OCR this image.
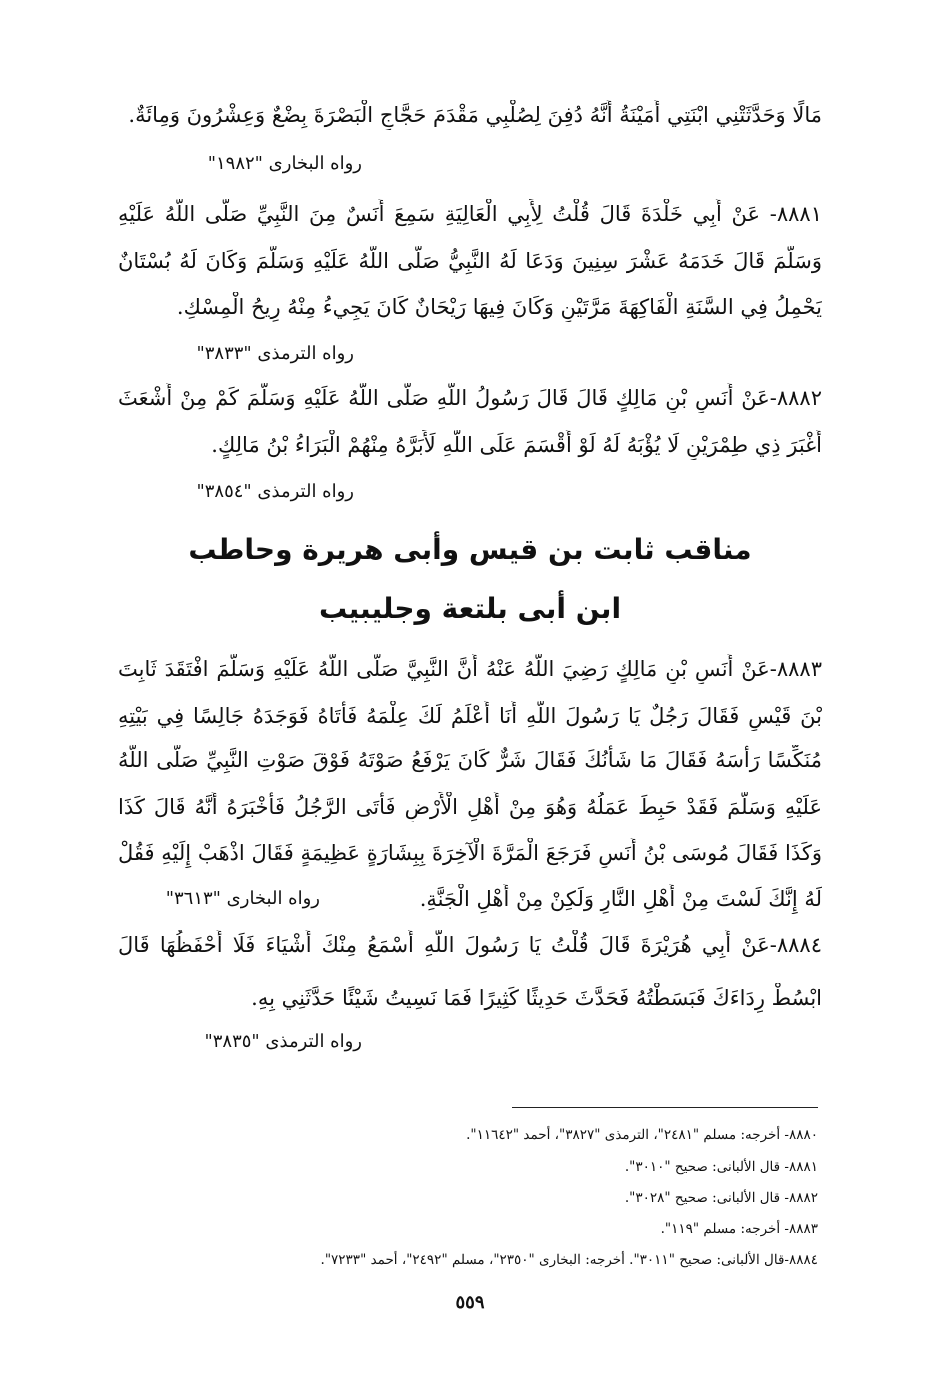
مَالًا وَحَدَّثَتْنِي ابْنَتِي أُمَيْنَةُ أَنَّهُ دُفِنَ لِصُلْبِي مَقْدَمَ حَجَّاجٍ الْبَصْرَةَ بِضْعٌ وَعِشْرُونَ وَمِائَةٌ.
رواه البخارى "١٩٨٢"
٨٨٨١- عَنْ أَبِي خَلْدَةَ قَالَ قُلْتُ لِأَبِي الْعَالِيَةِ سَمِعَ أَنَسٌ مِنَ النَّبِيِّ صَلَّى اللَّهُ عَلَيْهِ
وَسَلَّمَ قَالَ خَدَمَهُ عَشْرَ سِنِينَ وَدَعَا لَهُ النَّبِيُّ صَلَّى اللَّهُ عَلَيْهِ وَسَلَّمَ وَكَانَ لَهُ بُسْتَانٌ
يَحْمِلُ فِي السَّنَةِ الْفَاكِهَةَ مَرَّتَيْنِ وَكَانَ فِيهَا رَيْحَانٌ كَانَ يَجِيءُ مِنْهُ رِيحُ الْمِسْكِ.
رواه الترمذى "٣٨٣٣"
٨٨٨٢-عَنْ أَنَسِ بْنِ مَالِكٍ قَالَ قَالَ رَسُولُ اللَّهِ صَلَّى اللَّهُ عَلَيْهِ وَسَلَّمَ كَمْ مِنْ أَشْعَثَ
أَغْبَرَ ذِي طِمْرَيْنِ لَا يُؤْبَهُ لَهُ لَوْ أَقْسَمَ عَلَى اللَّهِ لَأَبَرَّهُ مِنْهُمْ الْبَرَاءُ بْنُ مَالِكٍ.
رواه الترمذى "٣٨٥٤"
مناقب ثابت بن قيس وأبى هريرة وحاطب
ابن أبى بلتعة وجليبيب
٨٨٨٣-عَنْ أَنَسِ بْنِ مَالِكٍ رَضِيَ اللَّهُ عَنْهُ أَنَّ النَّبِيَّ صَلَّى اللَّهُ عَلَيْهِ وَسَلَّمَ افْتَقَدَ ثَابِتَ
بْنَ قَيْسٍ فَقَالَ رَجُلٌ يَا رَسُولَ اللَّهِ أَنَا أَعْلَمُ لَكَ عِلْمَهُ فَأَتَاهُ فَوَجَدَهُ جَالِسًا فِي بَيْتِهِ
مُنَكِّسًا رَأْسَهُ فَقَالَ مَا شَأْنُكَ فَقَالَ شَرٌّ كَانَ يَرْفَعُ صَوْتَهُ فَوْقَ صَوْتِ النَّبِيِّ صَلَّى اللَّهُ
عَلَيْهِ وَسَلَّمَ فَقَدْ حَبِطَ عَمَلُهُ وَهُوَ مِنْ أَهْلِ الْأَرْضِ فَأَتَى الرَّجُلُ فَأَخْبَرَهُ أَنَّهُ قَالَ كَذَا
وَكَذَا فَقَالَ مُوسَى بْنُ أَنَسٍ فَرَجَعَ الْمَرَّةَ الْآخِرَةَ بِبِشَارَةٍ عَظِيمَةٍ فَقَالَ اذْهَبْ إِلَيْهِ فَقُلْ
لَهُ إِنَّكَ لَسْتَ مِنْ أَهْلِ النَّارِ وَلَكِنْ مِنْ أَهْلِ الْجَنَّةِ.
رواه البخارى "٣٦١٣"
٨٨٨٤-عَنْ أَبِي هُرَيْرَةَ قَالَ قُلْتُ يَا رَسُولَ اللَّهِ أَسْمَعُ مِنْكَ أَشْيَاءَ فَلَا أَحْفَظُهَا قَالَ
ابْسُطْ رِدَاءَكَ فَبَسَطْتُهُ فَحَدَّثَ حَدِيثًا كَثِيرًا فَمَا نَسِيتُ شَيْئًا حَدَّثَنِي بِهِ.
رواه الترمذى "٣٨٣٥"
٨٨٨٠- أخرجه: مسلم "٢٤٨١"، الترمذى "٣٨٢٧"، أحمد "١١٦٤٢".
٨٨٨١- قال الألبانى: صحيح "٣٠١٠".
٨٨٨٢- قال الألبانى: صحيح "٣٠٢٨".
٨٨٨٣- أخرجه: مسلم "١١٩".
٨٨٨٤-قال الألبانى: صحيح "٣٠١١". أخرجه: البخارى "٢٣٥٠"، مسلم "٢٤٩٢"، أحمد "٧٢٣٣".
٥٥٩
